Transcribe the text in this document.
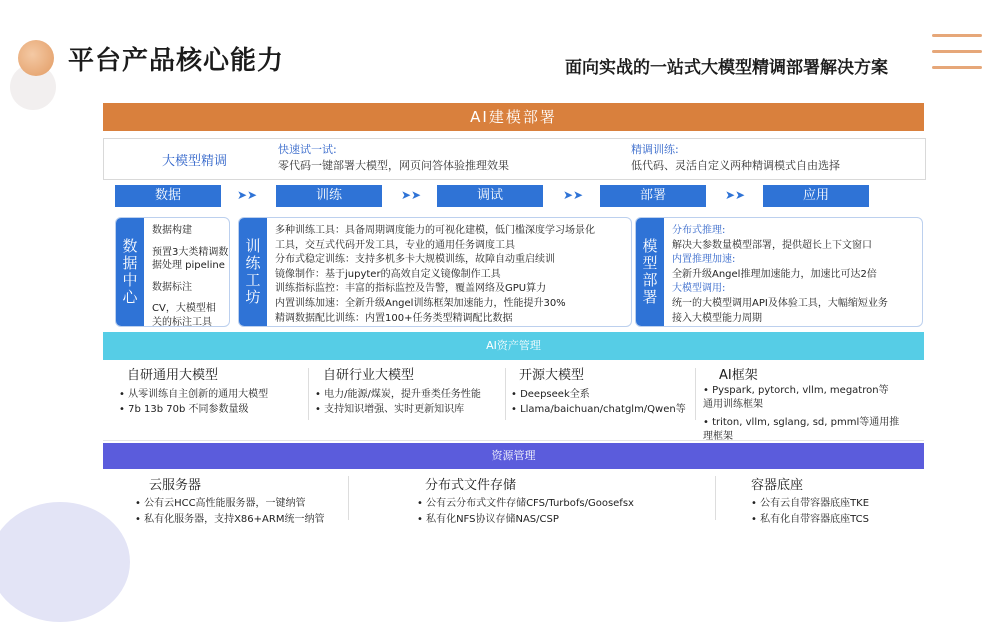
平台产品核心能力	面向实战的一站式大模型精调部署解决方案
AI建模部署
大模型精调
快速试一试:
零代码一键部署大模型，网页问答体验推理效果
精调训练:
低代码、灵活自定义两种精调模式自由选择
数据	➤➤	训练	➤➤	调试	➤➤	部署	➤➤	应用
数据中心

数据构建

预置3大类精调数

据处理 pipeline

数据标注

CV，大模型相

关的标注工具

训练工坊

多种训练工具：具备周期调度能力的可视化建模，低门槛深度学习场景化

工具，交互式代码开发工具，专业的通用任务调度工具

分布式稳定训练：支持多机多卡大规模训练，故障自动重启续训

镜像制作：基于jupyter的高效自定义镜像制作工具

训练指标监控：丰富的指标监控及告警，覆盖网络及GPU算力

内置训练加速：全新升级Angel训练框架加速能力，性能提升30%

精调数据配比训练：内置100+任务类型精调配比数据

模型部署

分布式推理:

解决大参数量模型部署，提供超长上下文窗口

内置推理加速:

全新升级Angel推理加速能力，加速比可达2倍

大模型调用:

统一的大模型调用API及体验工具，大幅缩短业务

接入大模型能力周期

AI资产管理
自研通用大模型
• 从零训练自主创新的通用大模型
• 7b 13b 70b 不同参数量级
自研行业大模型
• 电力/能源/煤炭，提升垂类任务性能
• 支持知识增强、实时更新知识库
开源大模型
• Deepseek全系
• Llama/baichuan/chatglm/Qwen等
AI框架
• Pyspark, pytorch, vllm, megatron等
通用训练框架
• triton, vllm, sglang, sd, pmml等通用推
理框架
资源管理
云服务器
• 公有云HCC高性能服务器，一键纳管
• 私有化服务器，支持X86+ARM统一纳管
分布式文件存储
• 公有云分布式文件存储CFS/Turbofs/Goosefsx
• 私有化NFS协议存储NAS/CSP
容器底座
• 公有云自带容器底座TKE
• 私有化自带容器底座TCS
